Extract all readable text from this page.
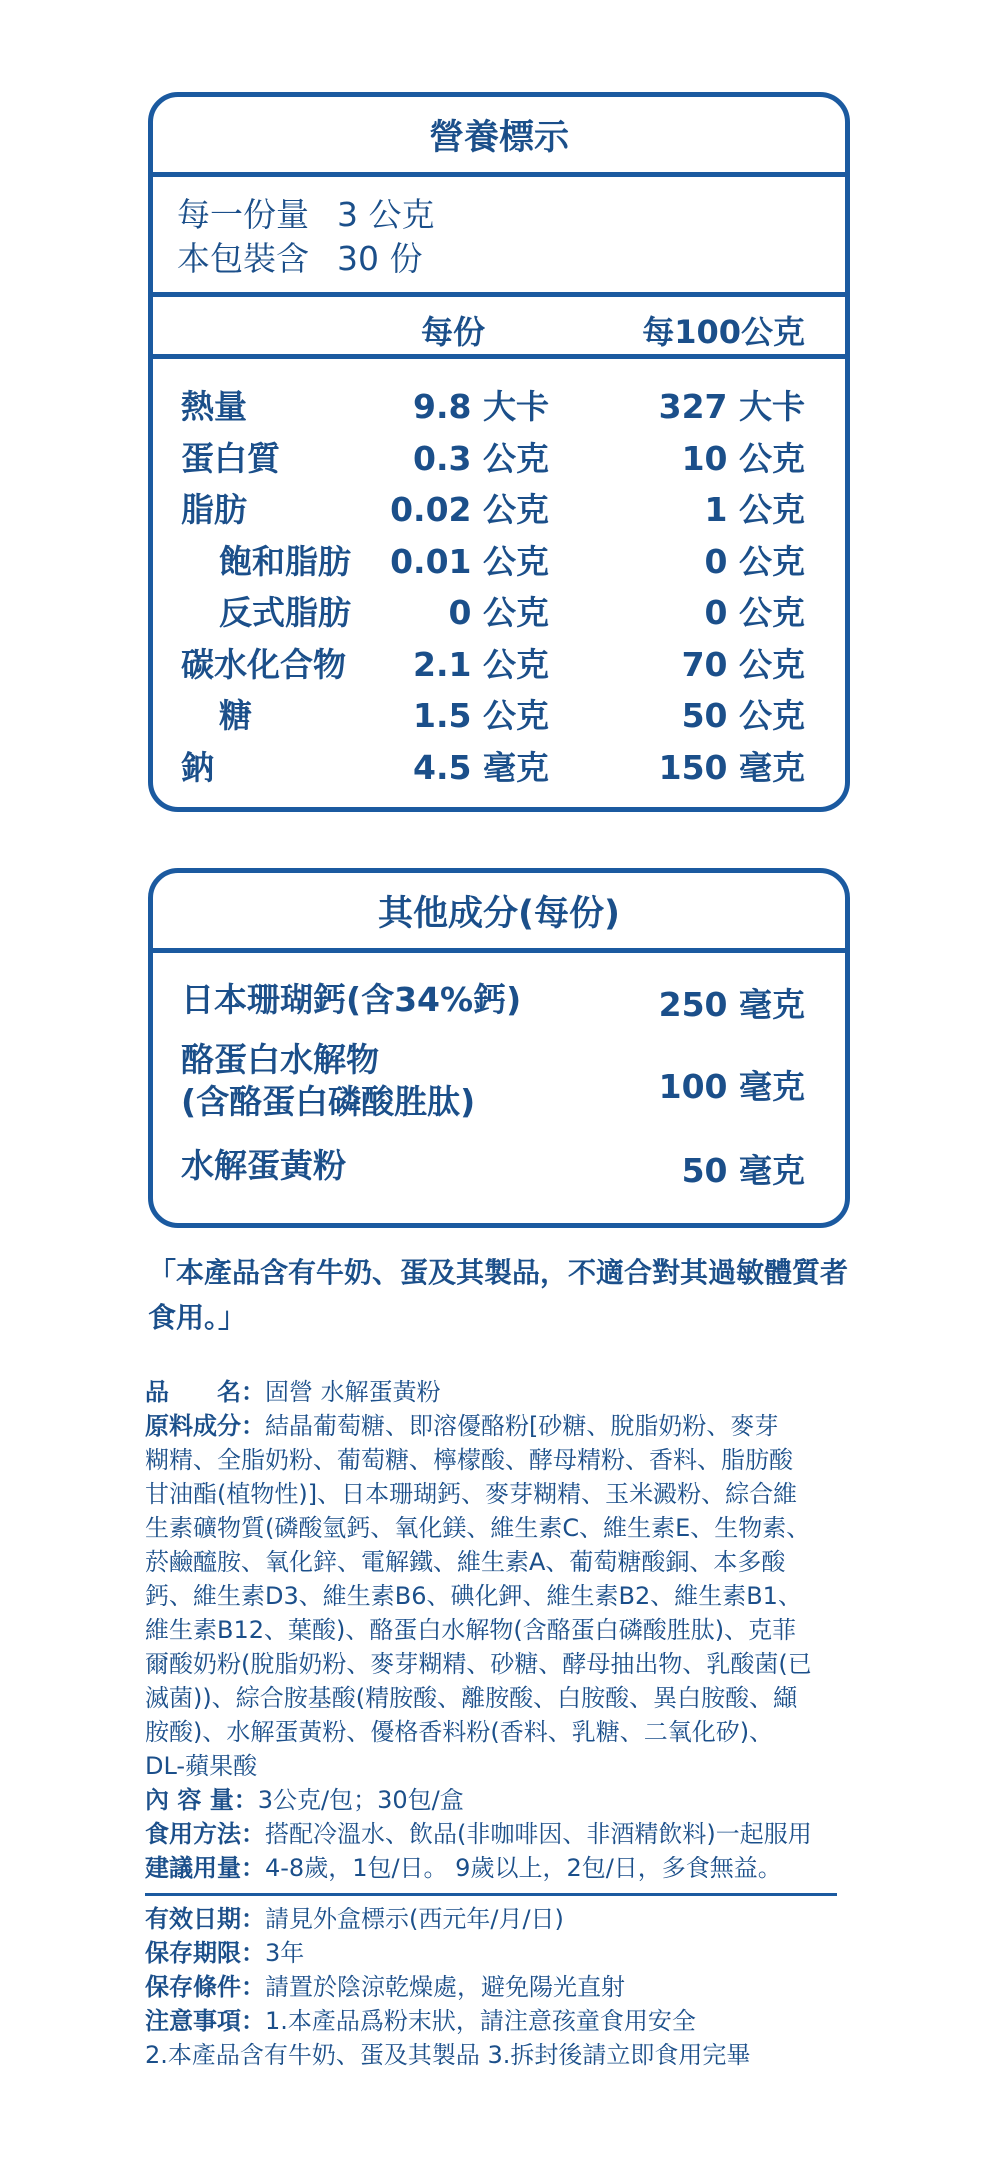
營養標示
每一份量 3 公克
本包裝含 30 份
每份	每100公克
熱量	9.8 大卡	327 大卡
蛋白質	0.3 公克	10 公克
脂肪	0.02 公克	1 公克
飽和脂肪 0.01 公克	0 公克
反式脂肪	0 公克	0 公克
碳水化合物 2.1 公克	70 公克
糖	1.5 公克	50 公克
鈉	4.5 毫克	150 毫克
其他成分(每份)
日本珊瑚鈣(含34%鈣)	250 毫克
酪蛋白水解物
(含酪蛋白磷酸胜肽)	100 毫克
水解蛋黃粉	50 毫克
「本產品含有牛奶、蛋及其製品，不適合對其過敏體質者
食用。」
品　　名： 固營 水解蛋黃粉
原料成分：結晶葡萄糖、即溶優酪粉[砂糖、脫脂奶粉、麥芽
糊精、全脂奶粉、葡萄糖、檸檬酸、酵母精粉、香料、脂肪酸
甘油酯(植物性)]、日本珊瑚鈣、麥芽糊精、玉米澱粉、綜合維
生素礦物質(磷酸氫鈣、氧化鎂、維生素C、維生素E、生物素、
菸鹼醯胺、氧化鋅、電解鐵、維生素A、葡萄糖酸銅、本多酸
鈣、維生素D3、維生素B6、碘化鉀、維生素B2、維生素B1、
維生素B12、葉酸)、酪蛋白水解物(含酪蛋白磷酸胜肽)、克菲
爾酸奶粉(脫脂奶粉、麥芽糊精、砂糖、酵母抽出物、乳酸菌(已
滅菌))、綜合胺基酸(精胺酸、離胺酸、白胺酸、異白胺酸、纈
胺酸)、水解蛋黃粉、優格香料粉(香料、乳糖、二氧化矽)、
DL-蘋果酸
內 容 量： 3公克/包；30包/盒
食用方法： 搭配冷溫水、飲品(非咖啡因、非酒精飲料)一起服用
建議用量： 4-8歲，1包/日。 9歲以上，2包/日，多食無益。
有效日期： 請見外盒標示(西元年/月/日)
保存期限： 3年
保存條件： 請置於陰涼乾燥處，避免陽光直射
注意事項： 1.本產品爲粉末狀，請注意孩童食用安全
2.本產品含有牛奶、蛋及其製品 3.拆封後請立即食用完畢
